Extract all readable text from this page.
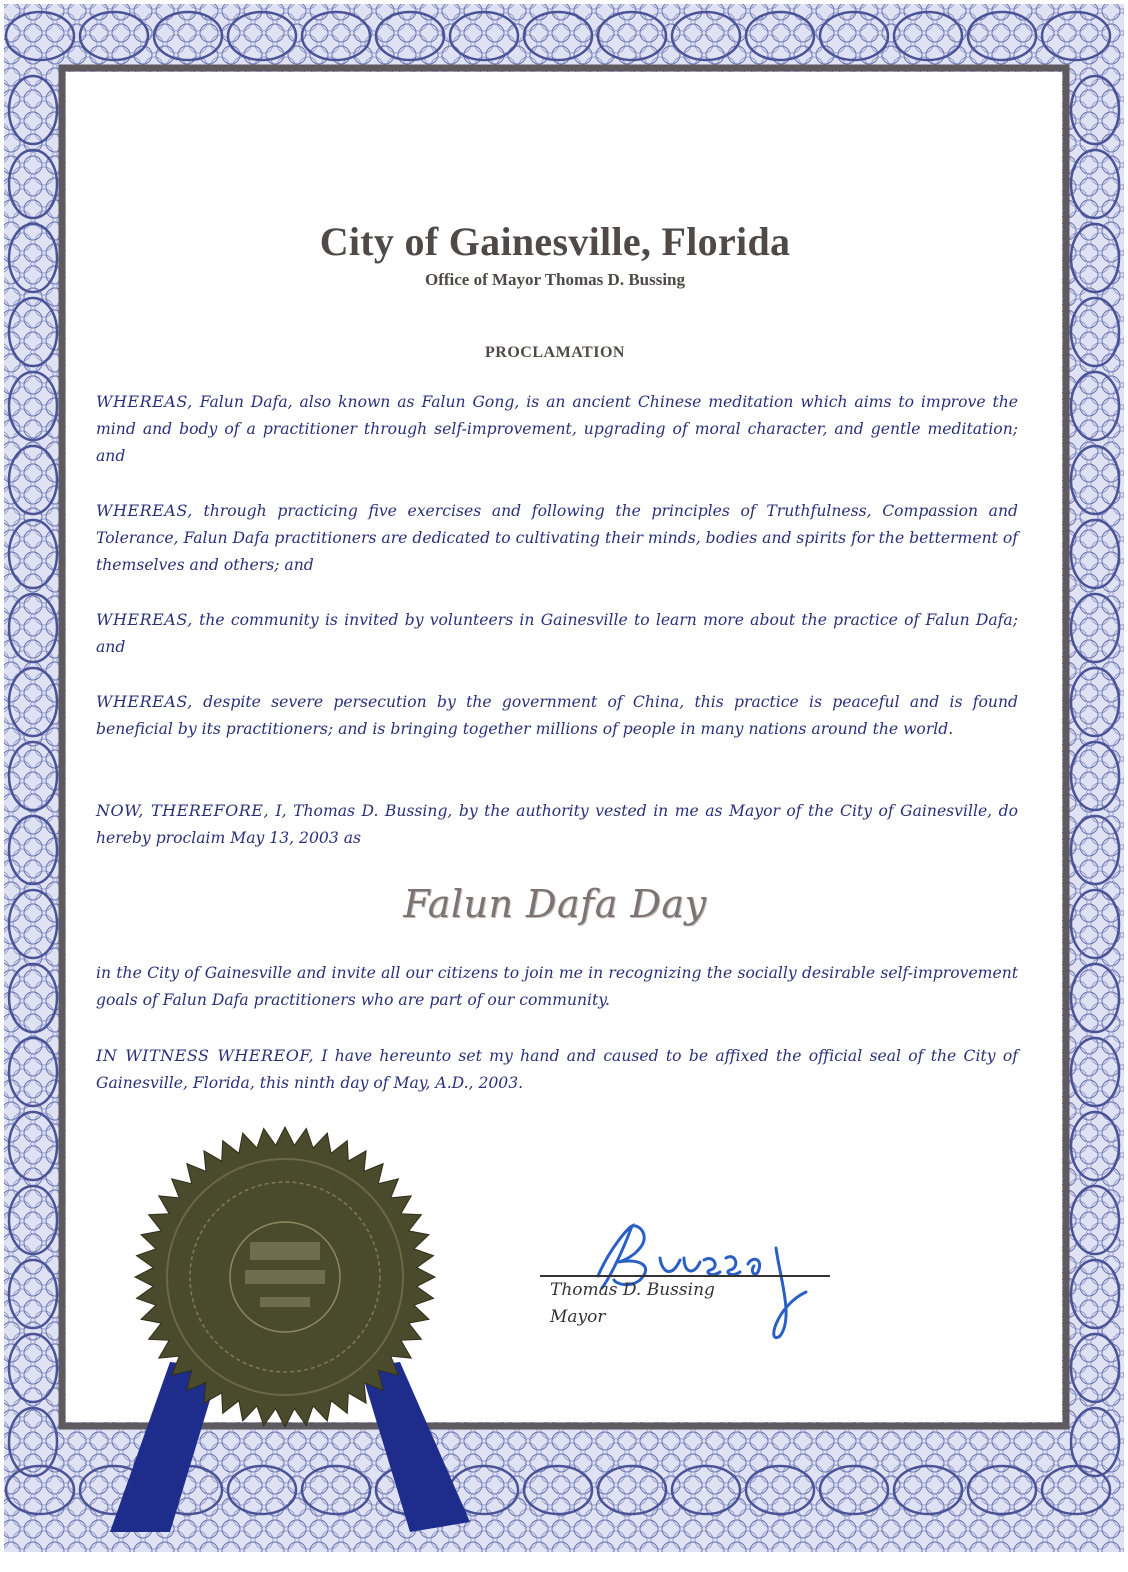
City of Gainesville, Florida
Office of Mayor Thomas D. Bussing
PROCLAMATION

WHEREAS, Falun Dafa, also known as Falun Gong, is an ancient Chinese meditation which aims to improve the mind and body of a practitioner through self-improvement, upgrading of moral character, and gentle meditation; and

WHEREAS, through practicing five exercises and following the principles of Truthfulness, Compassion and Tolerance, Falun Dafa practitioners are dedicated to cultivating their minds, bodies and spirits for the betterment of themselves and others; and

WHEREAS, the community is invited by volunteers in Gainesville to learn more about the practice of Falun Dafa; and

WHEREAS, despite severe persecution by the government of China, this practice is peaceful and is found beneficial by its practitioners; and is bringing together millions of people in many nations around the world.

NOW, THEREFORE, I, Thomas D. Bussing, by the authority vested in me as Mayor of the City of Gainesville, do hereby proclaim May 13, 2003 as

Falun Dafa Day

in the City of Gainesville and invite all our citizens to join me in recognizing the socially desirable self-improvement goals of Falun Dafa practitioners who are part of our community.

IN WITNESS WHEREOF, I have hereunto set my hand and caused to be affixed the official seal of the City of Gainesville, Florida, this ninth day of May, A.D., 2003.

Thomas D. Bussing

Mayor
